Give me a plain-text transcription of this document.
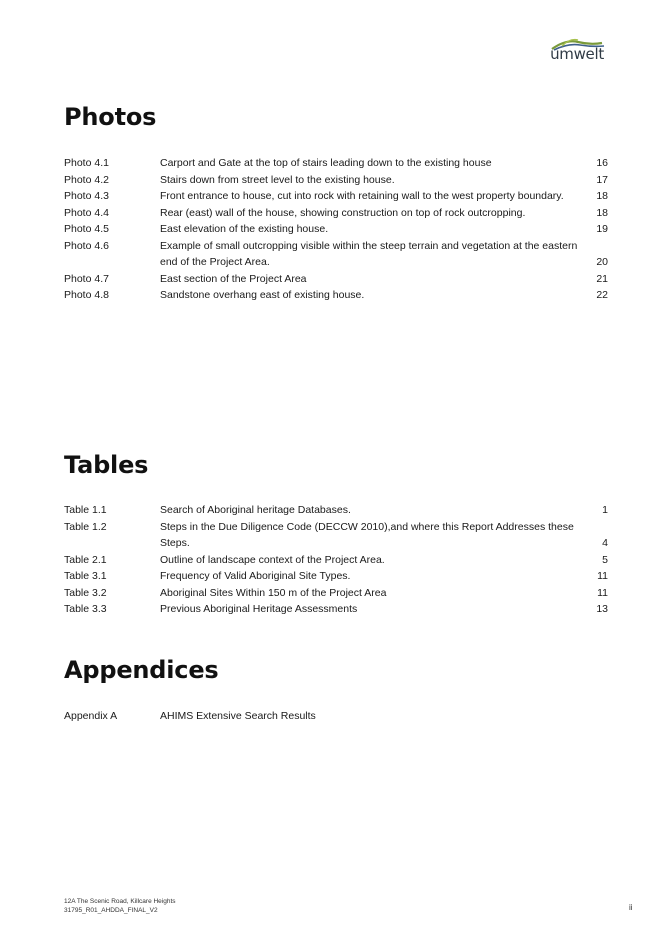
umwelt
Photos
Photo 4.1	Carport and Gate at the top of stairs leading down to the existing house	16
Photo 4.2	Stairs down from street level to the existing house.	17
Photo 4.3	Front entrance to house, cut into rock with retaining wall to the west property boundary.	18
Photo 4.4	Rear (east) wall of the house, showing construction on top of rock outcropping.	18
Photo 4.5	East elevation of the existing house.	19
Photo 4.6	Example of small outcropping visible within the steep terrain and vegetation at the eastern end of the Project Area.	20
Photo 4.7	East section of the Project Area	21
Photo 4.8	Sandstone overhang east of existing house.	22
Tables
Table 1.1	Search of Aboriginal heritage Databases.	1
Table 1.2	Steps in the Due Diligence Code (DECCW 2010),and where this Report Addresses these Steps.	4
Table 2.1	Outline of landscape context of the Project Area.	5
Table 3.1	Frequency of Valid Aboriginal Site Types.	11
Table 3.2	Aboriginal Sites Within 150 m of the Project Area	11
Table 3.3	Previous Aboriginal Heritage Assessments	13
Appendices
Appendix A	AHIMS Extensive Search Results
12A The Scenic Road, Killcare Heights
31795_R01_AHDDA_FINAL_V2	ii
